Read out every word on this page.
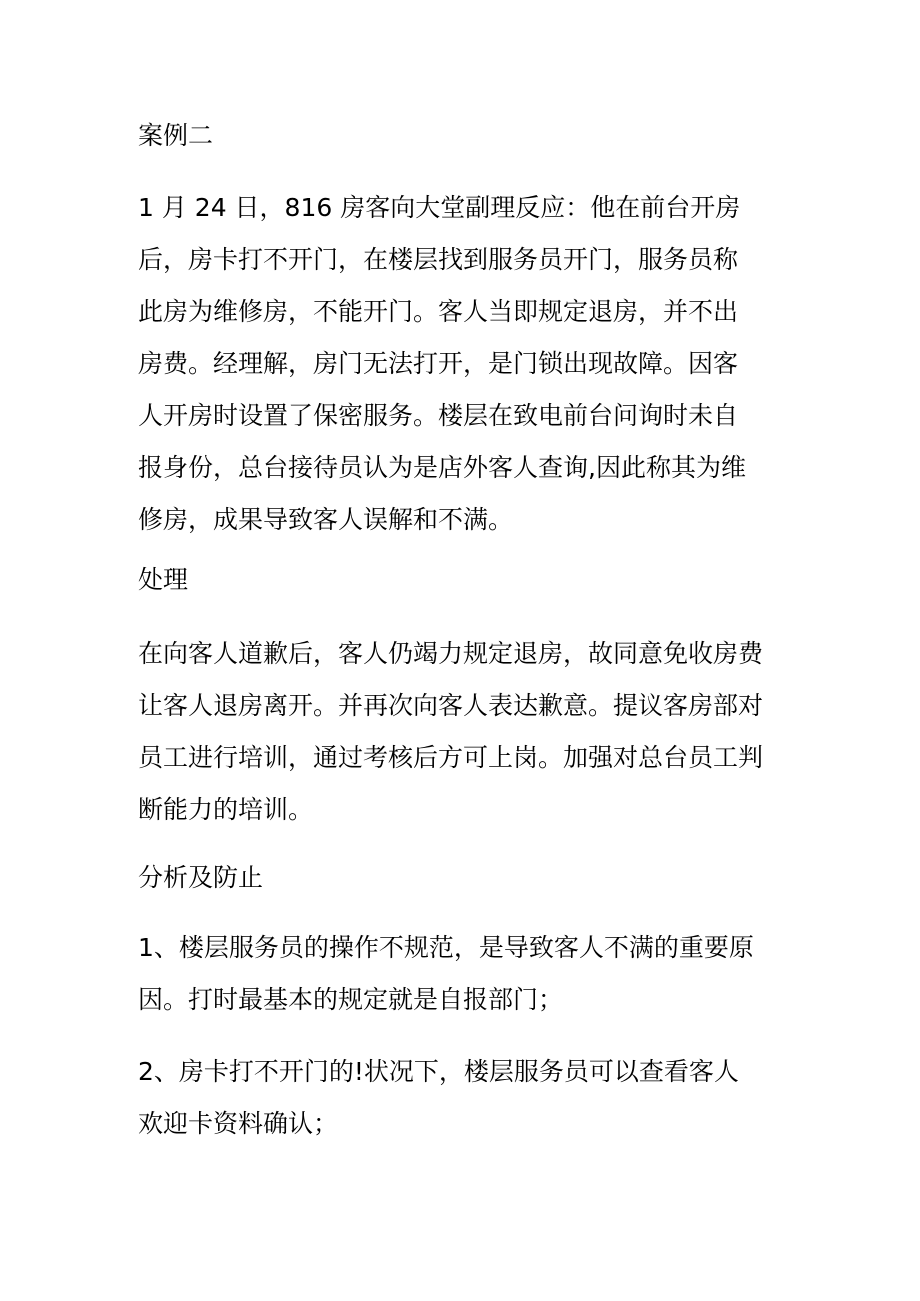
案例二
1 月 24 日，816 房客向大堂副理反应：他在前台开房
后，房卡打不开门，在楼层找到服务员开门，服务员称
此房为维修房，不能开门。客人当即规定退房，并不出
房费。经理解，房门无法打开，是门锁出现故障。因客
人开房时设置了保密服务。楼层在致电前台问询时未自
报身份，总台接待员认为是店外客人查询,因此称其为维
修房，成果导致客人误解和不满。
处理
在向客人道歉后，客人仍竭力规定退房，故同意免收房费
让客人退房离开。并再次向客人表达歉意。提议客房部对
员工进行培训，通过考核后方可上岗。加强对总台员工判
断能力的培训。
分析及防止
1、楼层服务员的操作不规范，是导致客人不满的重要原
因。打时最基本的规定就是自报部门；
2、房卡打不开门的!状况下，楼层服务员可以查看客人
欢迎卡资料确认；
